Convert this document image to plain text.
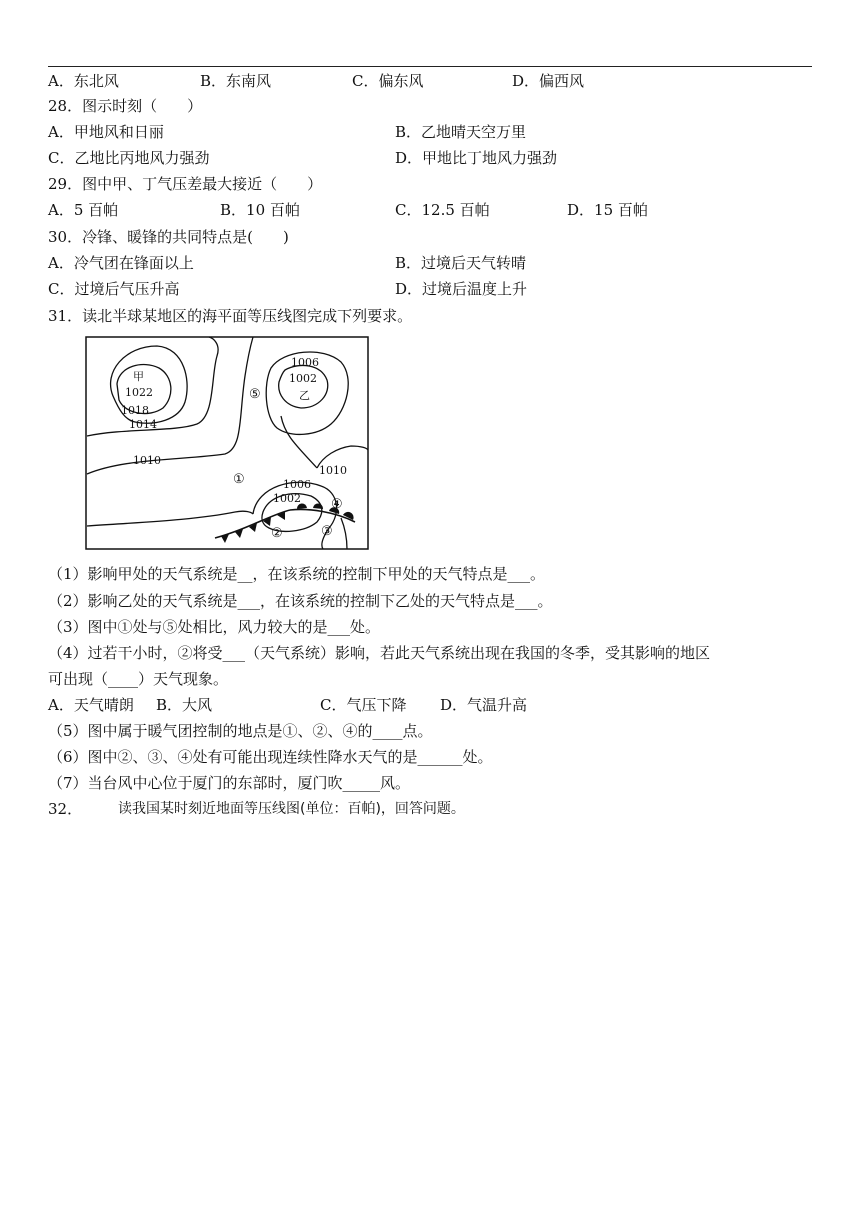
A．东北风	B．东南风	C．偏东风	D．偏西风
28．图示时刻（　　）
A．甲地风和日丽	B．乙地晴天空万里
C．乙地比丙地风力强劲	D．甲地比丁地风力强劲
29．图中甲、丁气压差最大接近（　　）
A．5 百帕	B．10 百帕	C．12.5 百帕	D．15 百帕
30．冷锋、暖锋的共同特点是(　　)
A．冷气团在锋面以上	B．过境后天气转晴
C．过境后气压升高	D．过境后温度上升
31．读北半球某地区的海平面等压线图完成下列要求。
甲
1022
1018
1014
1010
1006
1002
乙
1010
1006
1002
①
②	③
④
⑤
（1）影响甲处的天气系统是__，在该系统的控制下甲处的天气特点是___。
（2）影响乙处的天气系统是___，在该系统的控制下乙处的天气特点是___。
（3）图中①处与⑤处相比，风力较大的是___处。
（4）过若干小时，②将受___（天气系统）影响，若此天气系统出现在我国的冬季，受其影响的地区
可出现（____）天气现象。
A．天气晴朗 B．大风	C．气压下降 D．气温升高
（5）图中属于暖气团控制的地点是①、②、④的____点。
（6）图中②、③、④处有可能出现连续性降水天气的是______处。
（7）当台风中心位于厦门的东部时，厦门吹_____风。
32．	读我国某时刻近地面等压线图(单位：百帕)，回答问题。
